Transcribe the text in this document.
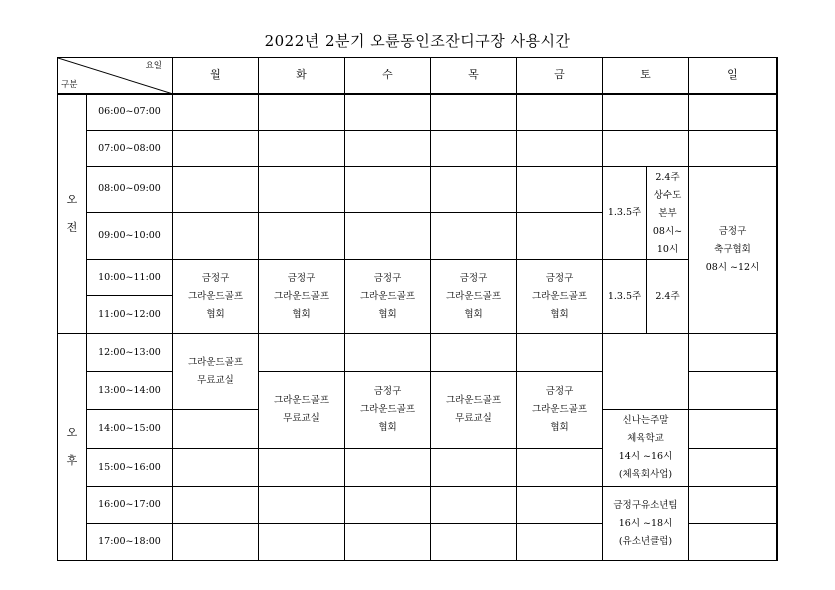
2022년 2분기 오륜동인조잔디구장 사용시간
요일
구분		월	화	수	목	금	토		일	
오
전	06:00~07:00									
	07:00~08:00									
	08:00~09:00						1.3.5주	2.4주
상수도
본부
08시~
10시	금정구
축구협회
08시 ~12시	
	09:00~10:00									
	10:00~11:00	금정구
그라운드골프
협회	금정구
그라운드골프
협회	금정구
그라운드골프
협회	금정구
그라운드골프
협회	금정구
그라운드골프
협회	1.3.5주	2.4주		
	11:00~12:00									
오
후	12:00~13:00	그라운드골프
무료교실								
	13:00~14:00		그라운드골프
무료교실	금정구
그라운드골프
협회	그라운드골프
무료교실	금정구
그라운드골프
협회				
	14:00~15:00						신나는주말
체육학교
14시 ~16시
(체육회사업)			
	15:00~16:00									
	16:00~17:00						금정구유소년팀
16시 ~18시
(유소년클럽)			
	17:00~18:00									
